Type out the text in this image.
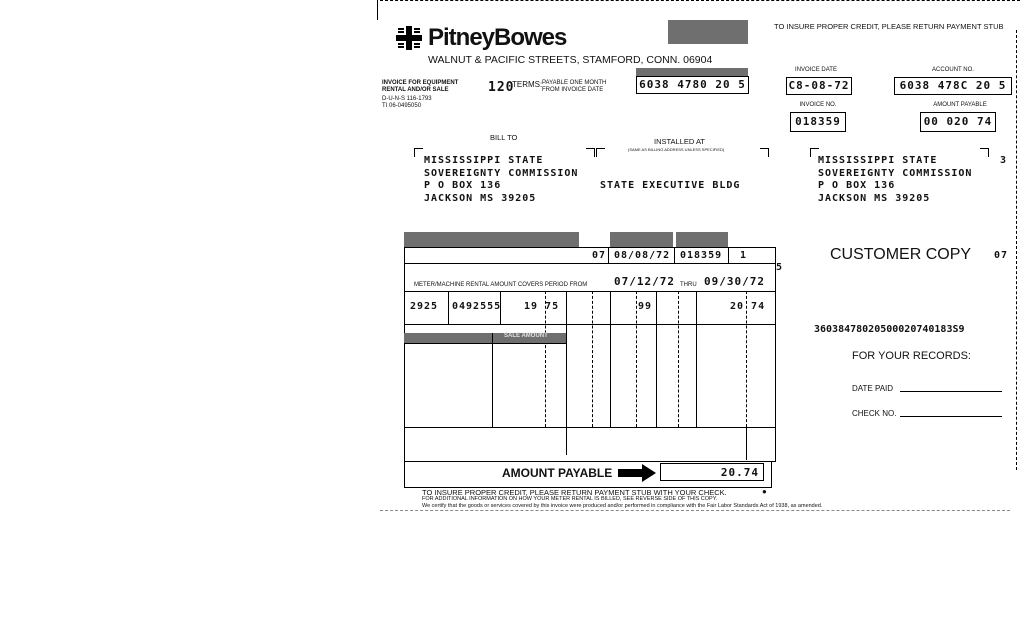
PitneyBowes
WALNUT & PACIFIC STREETS, STAMFORD, CONN. 06904
TO INSURE PROPER CREDIT, PLEASE RETURN PAYMENT STUB
INVOICE FOR EQUIPMENT RENTAL AND/OR SALE
D-U-N-S 116-1793
TI 06-0495050
120
TERMS: PAYABLE ONE MONTH FROM INVOICE DATE	6038 4780 20 5
INVOICE DATE
C8-08-72
ACCOUNT NO.
6038 478C 20 5
INVOICE NO.
018359
AMOUNT PAYABLE
00 020 74
BILL TO	INSTALLED AT
(SAME AS BILLING ADDRESS UNLESS SPECIFIED)
MISSISSIPPI STATE
SOVEREIGNTY COMMISSION
P O BOX 136
JACKSON MS 39205
STATE EXECUTIVE BLDG
MISSISSIPPI STATE
SOVEREIGNTY COMMISSION
P O BOX 136
JACKSON MS 39205
3
07 08/08/72 018359 1
5
METER/MACHINE RENTAL AMOUNT COVERS PERIOD FROM 07/12/72 THRU 09/30/72
2925 0492555 19 75	99	20 74
SALE AMOUNT
AMOUNT PAYABLE	20.74
TO INSURE PROPER CREDIT, PLEASE RETURN PAYMENT STUB WITH YOUR CHECK.	●
FOR ADDITIONAL INFORMATION ON HOW YOUR METER RENTAL IS BILLED, SEE REVERSE SIDE OF THIS COPY.
We certify that the goods or services covered by this invoice were produced and/or performed in compliance with the Fair Labor Standards Act of 1938, as amended.
CUSTOMER COPY 07
36038478020500020740183S9
FOR YOUR RECORDS:
DATE PAID
CHECK NO.
